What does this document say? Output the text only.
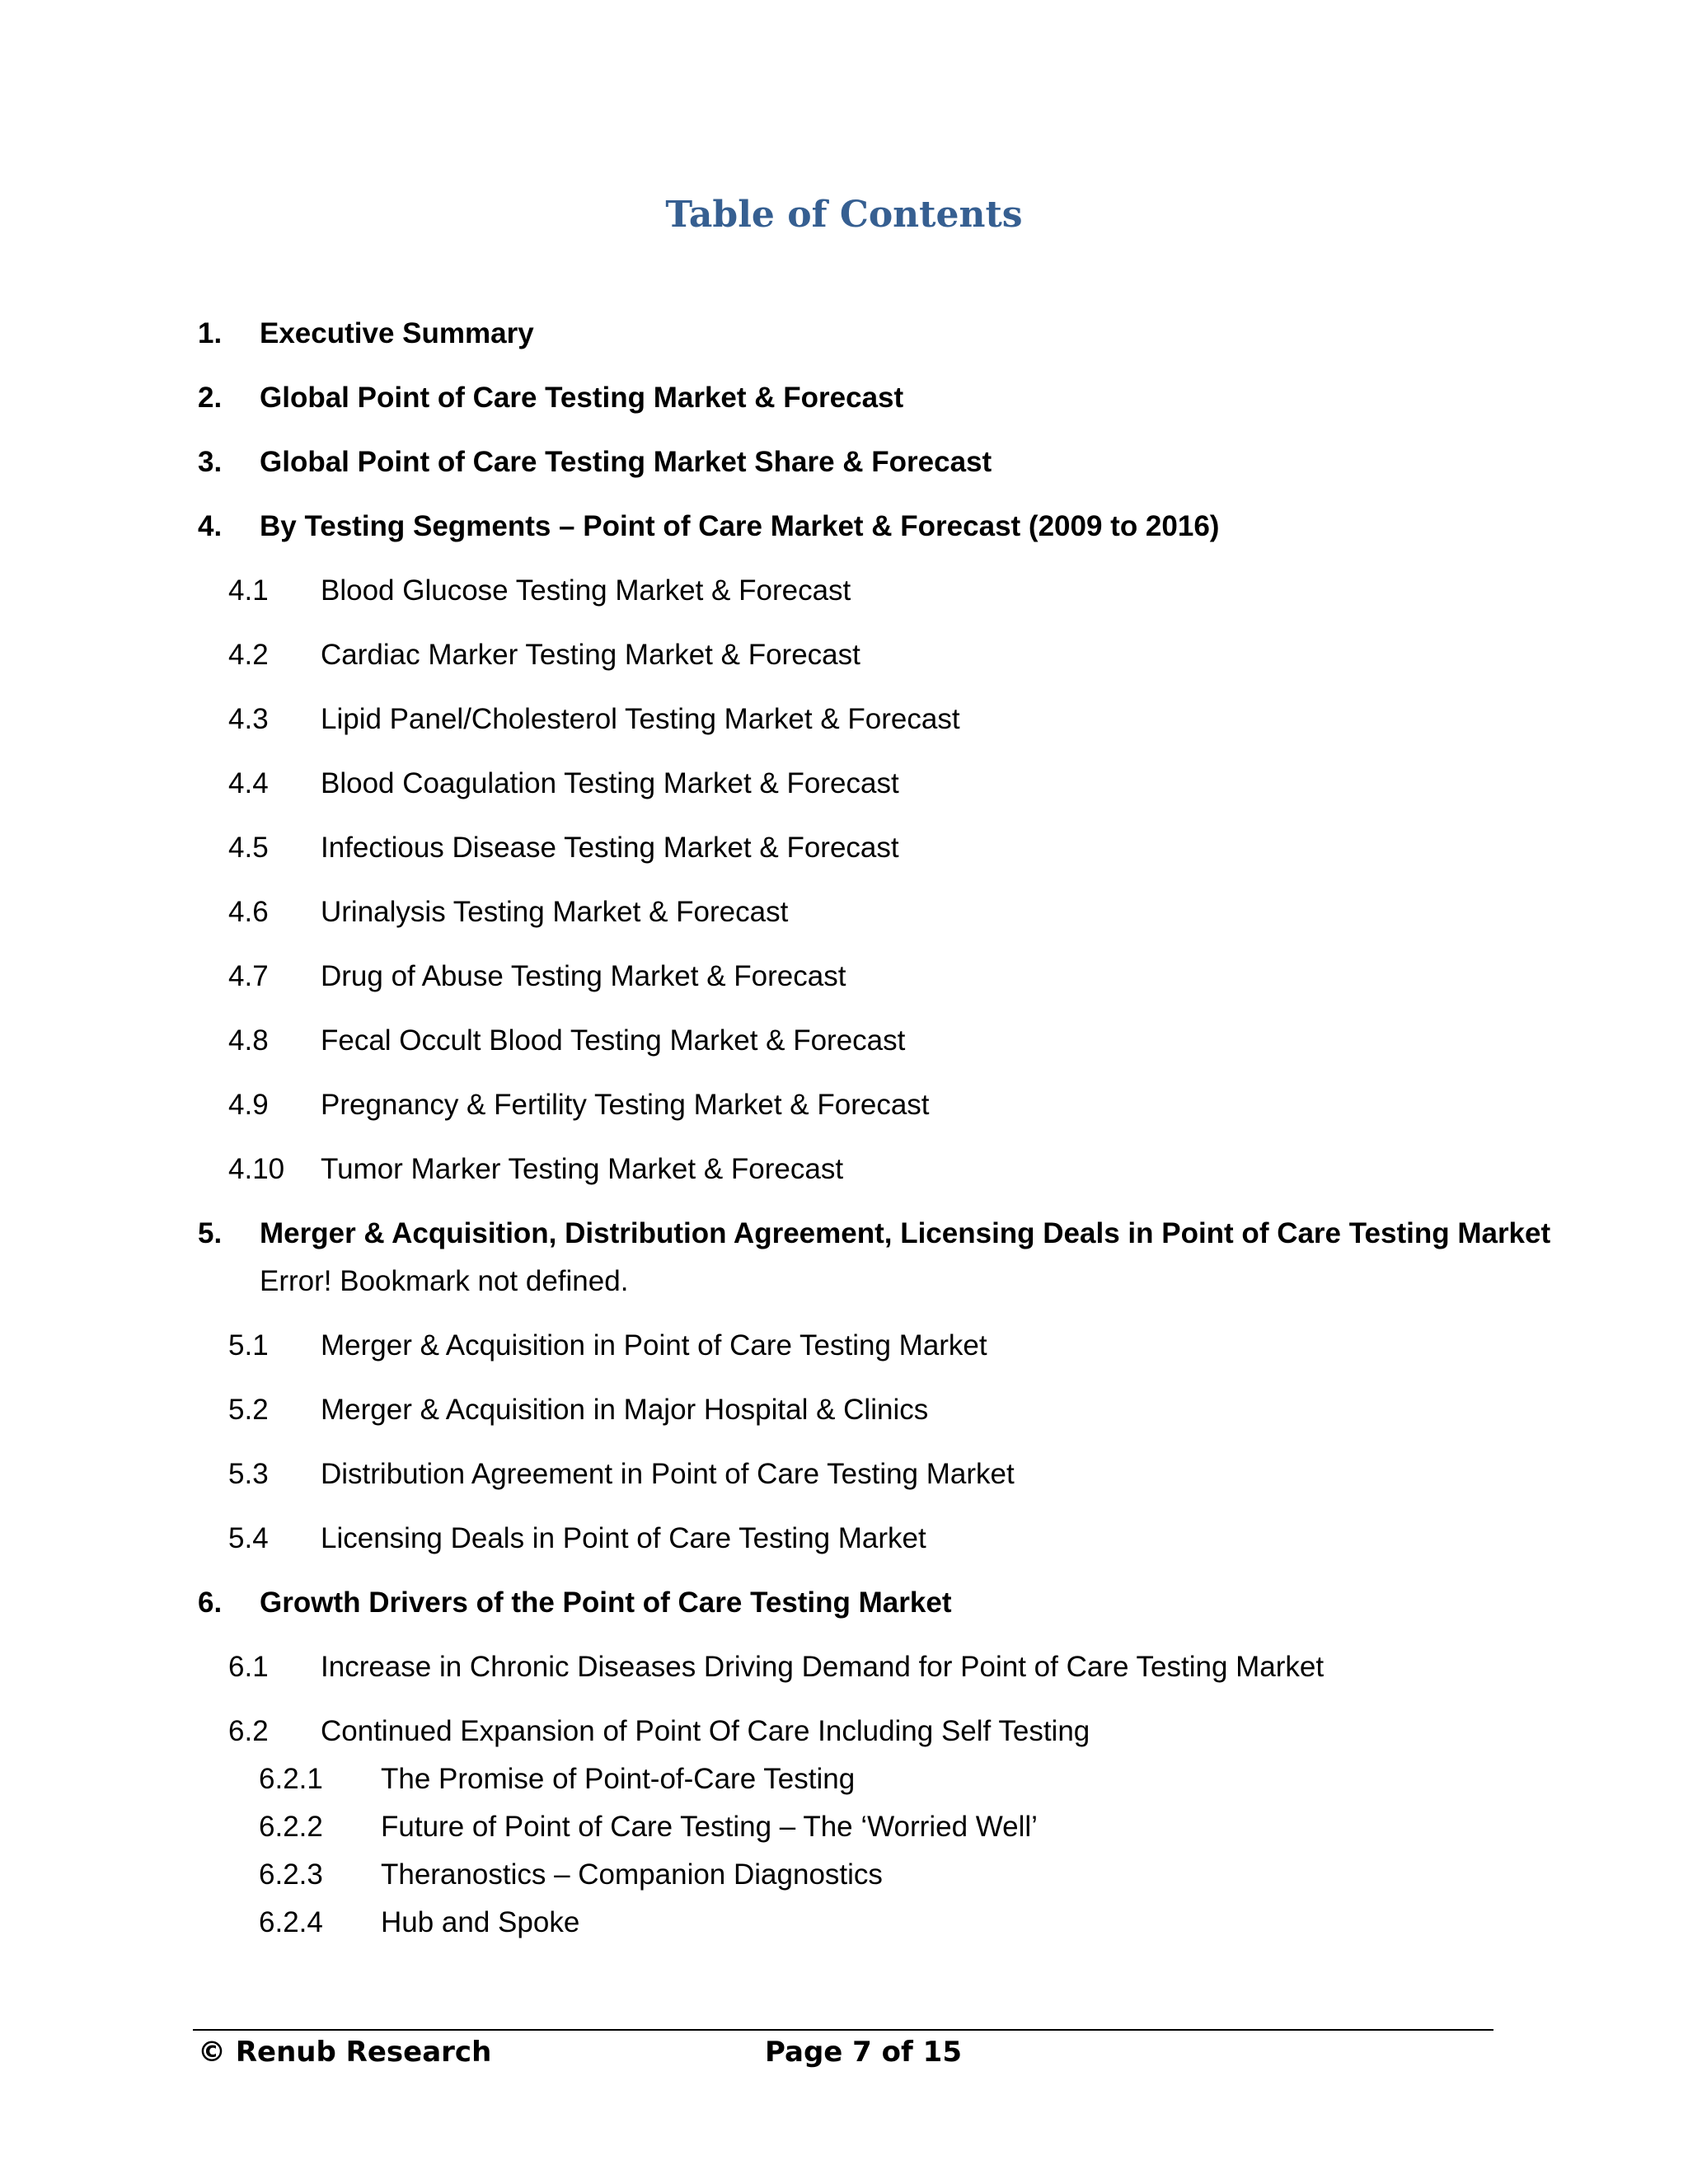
Table of Contents
1. Executive Summary
2. Global Point of Care Testing Market & Forecast
3. Global Point of Care Testing Market Share & Forecast
4. By Testing Segments – Point of Care Market & Forecast (2009 to 2016)
4.1 Blood Glucose Testing Market & Forecast
4.2 Cardiac Marker Testing Market & Forecast
4.3 Lipid Panel/Cholesterol Testing Market & Forecast
4.4 Blood Coagulation Testing Market & Forecast
4.5 Infectious Disease Testing Market & Forecast
4.6 Urinalysis Testing Market & Forecast
4.7 Drug of Abuse Testing Market & Forecast
4.8 Fecal Occult Blood Testing Market & Forecast
4.9 Pregnancy & Fertility Testing Market & Forecast
4.10 Tumor Marker Testing Market & Forecast
5. Merger & Acquisition, Distribution Agreement, Licensing Deals in Point of Care Testing Market
Error! Bookmark not defined.
5.1 Merger & Acquisition in Point of Care Testing Market
5.2 Merger & Acquisition in Major Hospital & Clinics
5.3 Distribution Agreement in Point of Care Testing Market
5.4 Licensing Deals in Point of Care Testing Market
6. Growth Drivers of the Point of Care Testing Market
6.1 Increase in Chronic Diseases Driving Demand for Point of Care Testing Market
6.2 Continued Expansion of Point Of Care Including Self Testing
6.2.1 The Promise of Point-of-Care Testing
6.2.2 Future of Point of Care Testing – The ‘Worried Well’
6.2.3 Theranostics – Companion Diagnostics
6.2.4 Hub and Spoke
© Renub Research	Page 7 of 15
